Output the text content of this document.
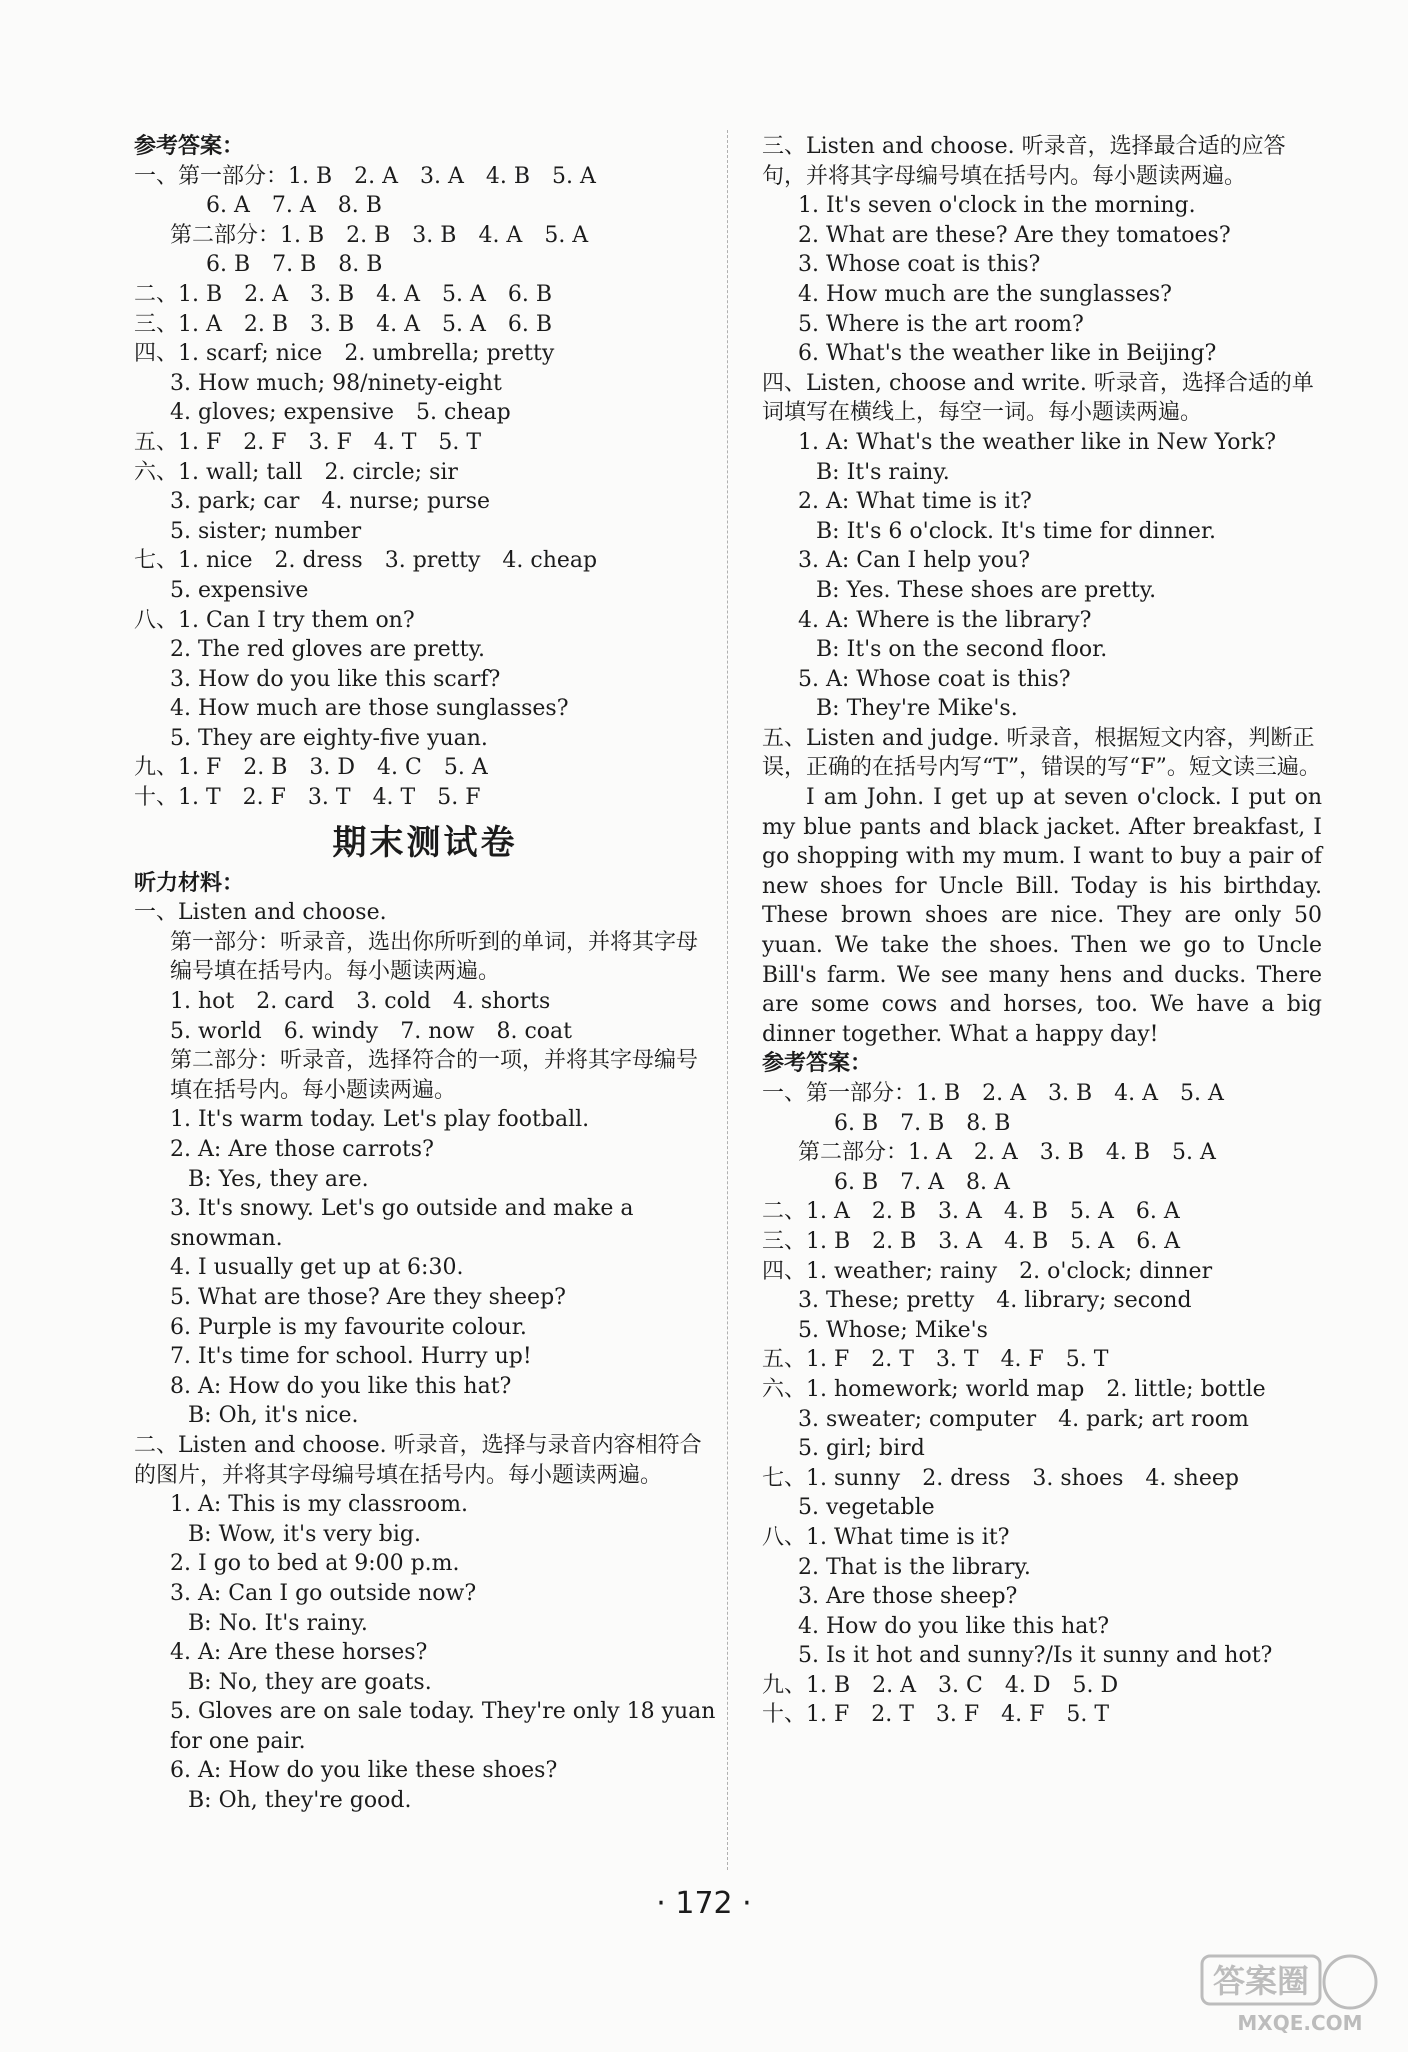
参考答案：
一、第一部分：1. B　2. A　3. A　4. B　5. A
6. A　7. A　8. B
第二部分：1. B　2. B　3. B　4. A　5. A
6. B　7. B　8. B
二、1. B　2. A　3. B　4. A　5. A　6. B
三、1. A　2. B　3. B　4. A　5. A　6. B
四、1. scarf; nice　2. umbrella; pretty
3. How much; 98/ninety-eight
4. gloves; expensive　5. cheap
五、1. F　2. F　3. F　4. T　5. T
六、1. wall; tall　2. circle; sir
3. park; car　4. nurse; purse
5. sister; number
七、1. nice　2. dress　3. pretty　4. cheap
5. expensive
八、1. Can I try them on?
2. The red gloves are pretty.
3. How do you like this scarf?
4. How much are those sunglasses?
5. They are eighty-five yuan.
九、1. F　2. B　3. D　4. C　5. A
十、1. T　2. F　3. T　4. T　5. F
期末测试卷
听力材料：
一、Listen and choose.
第一部分：听录音，选出你所听到的单词，并将其字母编号填在括号内。每小题读两遍。
1. hot　2. card　3. cold　4. shorts
5. world　6. windy　7. now　8. coat
第二部分：听录音，选择符合的一项，并将其字母编号填在括号内。每小题读两遍。
1. It's warm today. Let's play football.
2. A: Are those carrots?
B: Yes, they are.
3. It's snowy. Let's go outside and make a snowman.
4. I usually get up at 6:30.
5. What are those? Are they sheep?
6. Purple is my favourite colour.
7. It's time for school. Hurry up!
8. A: How do you like this hat?
B: Oh, it's nice.
二、Listen and choose. 听录音，选择与录音内容相符合的图片，并将其字母编号填在括号内。每小题读两遍。
1. A: This is my classroom.
B: Wow, it's very big.
2. I go to bed at 9:00 p.m.
3. A: Can I go outside now?
B: No. It's rainy.
4. A: Are these horses?
B: No, they are goats.
5. Gloves are on sale today. They're only 18 yuan for one pair.
6. A: How do you like these shoes?
B: Oh, they're good.
三、Listen and choose. 听录音，选择最合适的应答句，并将其字母编号填在括号内。每小题读两遍。
1. It's seven o'clock in the morning.
2. What are these? Are they tomatoes?
3. Whose coat is this?
4. How much are the sunglasses?
5. Where is the art room?
6. What's the weather like in Beijing?
四、Listen, choose and write. 听录音，选择合适的单词填写在横线上，每空一词。每小题读两遍。
1. A: What's the weather like in New York?
B: It's rainy.
2. A: What time is it?
B: It's 6 o'clock. It's time for dinner.
3. A: Can I help you?
B: Yes. These shoes are pretty.
4. A: Where is the library?
B: It's on the second floor.
5. A: Whose coat is this?
B: They're Mike's.
五、Listen and judge. 听录音，根据短文内容，判断正误，正确的在括号内写“T”，错误的写“F”。短文读三遍。
I am John. I get up at seven o'clock. I put on my blue pants and black jacket. After breakfast, I go shopping with my mum. I want to buy a pair of new shoes for Uncle Bill. Today is his birthday. These brown shoes are nice. They are only 50 yuan. We take the shoes. Then we go to Uncle Bill's farm. We see many hens and ducks. There are some cows and horses, too. We have a big dinner together. What a happy day!
参考答案：
一、第一部分：1. B　2. A　3. B　4. A　5. A
6. B　7. B　8. B
第二部分：1. A　2. A　3. B　4. B　5. A
6. B　7. A　8. A
二、1. A　2. B　3. A　4. B　5. A　6. A
三、1. B　2. B　3. A　4. B　5. A　6. A
四、1. weather; rainy　2. o'clock; dinner
3. These; pretty　4. library; second
5. Whose; Mike's
五、1. F　2. T　3. T　4. F　5. T
六、1. homework; world map　2. little; bottle
3. sweater; computer　4. park; art room
5. girl; bird
七、1. sunny　2. dress　3. shoes　4. sheep
5. vegetable
八、1. What time is it?
2. That is the library.
3. Are those sheep?
4. How do you like this hat?
5. Is it hot and sunny?/Is it sunny and hot?
九、1. B　2. A　3. C　4. D　5. D
十、1. F　2. T　3. F　4. F　5. T
· 172 ·
答案圈
MXQE.COM
